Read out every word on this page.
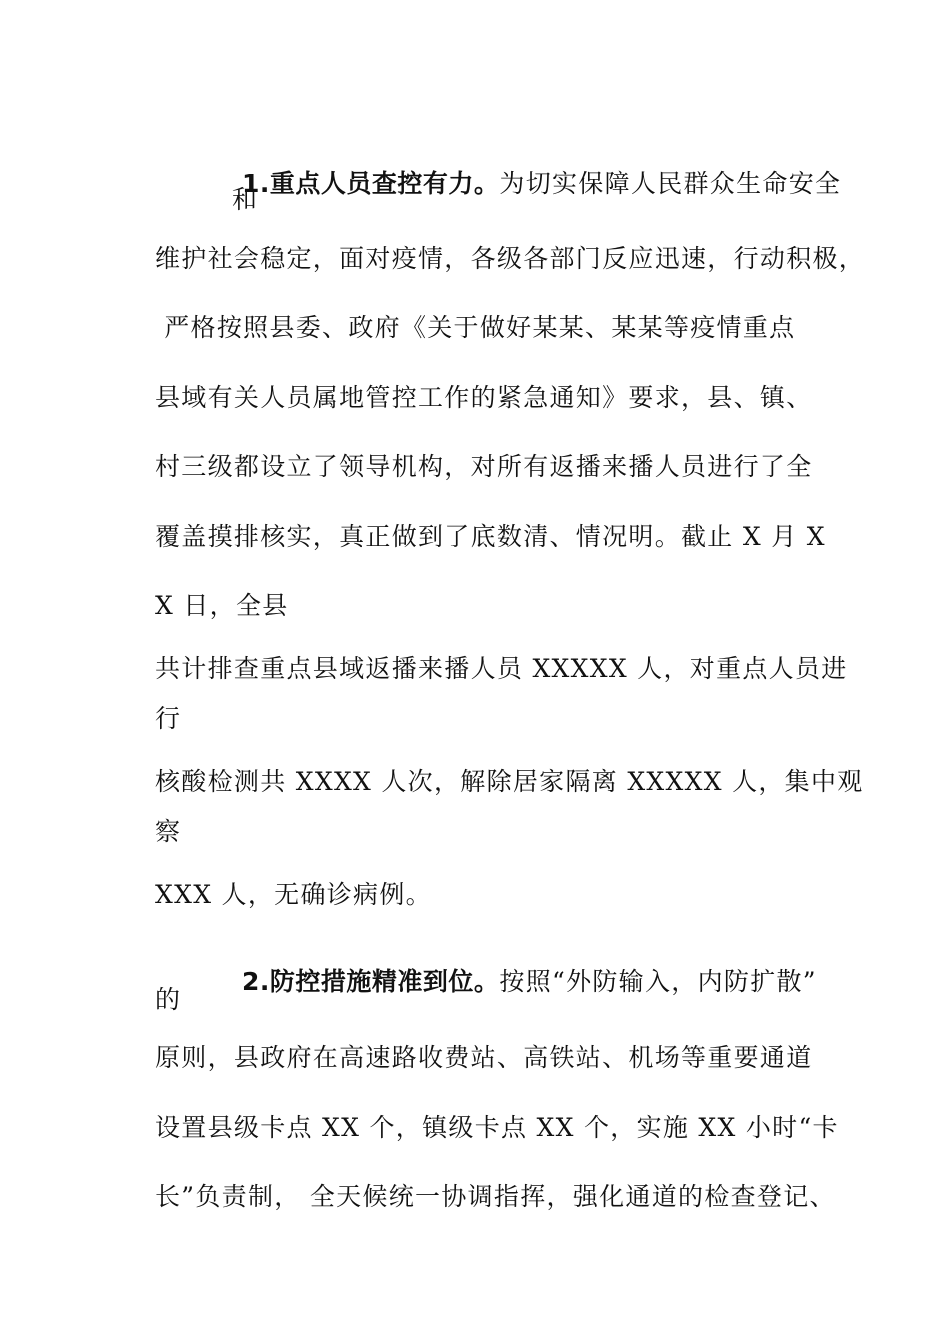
1.重点人员查控有力。为切实保障人民群众生命安全

和
维护社会稳定，面对疫情，各级各部门反应迅速，行动积极，
严格按照县委、政府《关于做好某某、某某等疫情重点
县域有关人员属地管控工作的紧急通知》要求，县、镇、
村三级都设立了领导机构，对所有返播来播人员进行了全
覆盖摸排核实，真正做到了底数清、情况明。截止 X 月 X
X 日，全县
共计排查重点县域返播来播人员 XXXXX 人，对重点人员进
行
核酸检测共 XXXX 人次，解除居家隔离 XXXXX 人，集中观
察
XXX 人，无确诊病例。

2.防控措施精准到位。按照“外防输入，内防扩散”

的
原则，县政府在高速路收费站、高铁站、机场等重要通道
设置县级卡点 XX 个，镇级卡点 XX 个，实施 XX 小时“卡
长”负责制， 全天候统一协调指挥，强化通道的检查登记、
